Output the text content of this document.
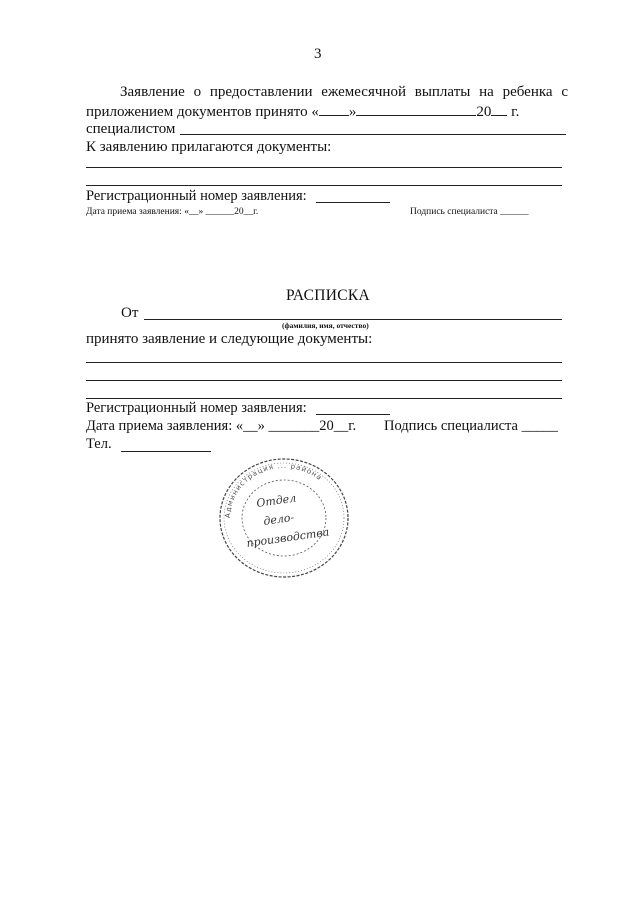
3
Заявление о предоставлении ежемесячной выплаты на ребенка с
приложением документов принято « »	20 г.
специалистом
К заявлению прилагаются документы:
Регистрационный номер заявления:
Дата приема заявления: «__» ______20__г.	Подпись специалиста ______
РАСПИСКА
От
(фамилия, имя, отчество)
принято заявление и следующие документы:
Регистрационный номер заявления:
Дата приема заявления: «__» _______20__г. Подпись специалиста _____
Тел.
Администрация ... района
Отдел
дело-
производства
